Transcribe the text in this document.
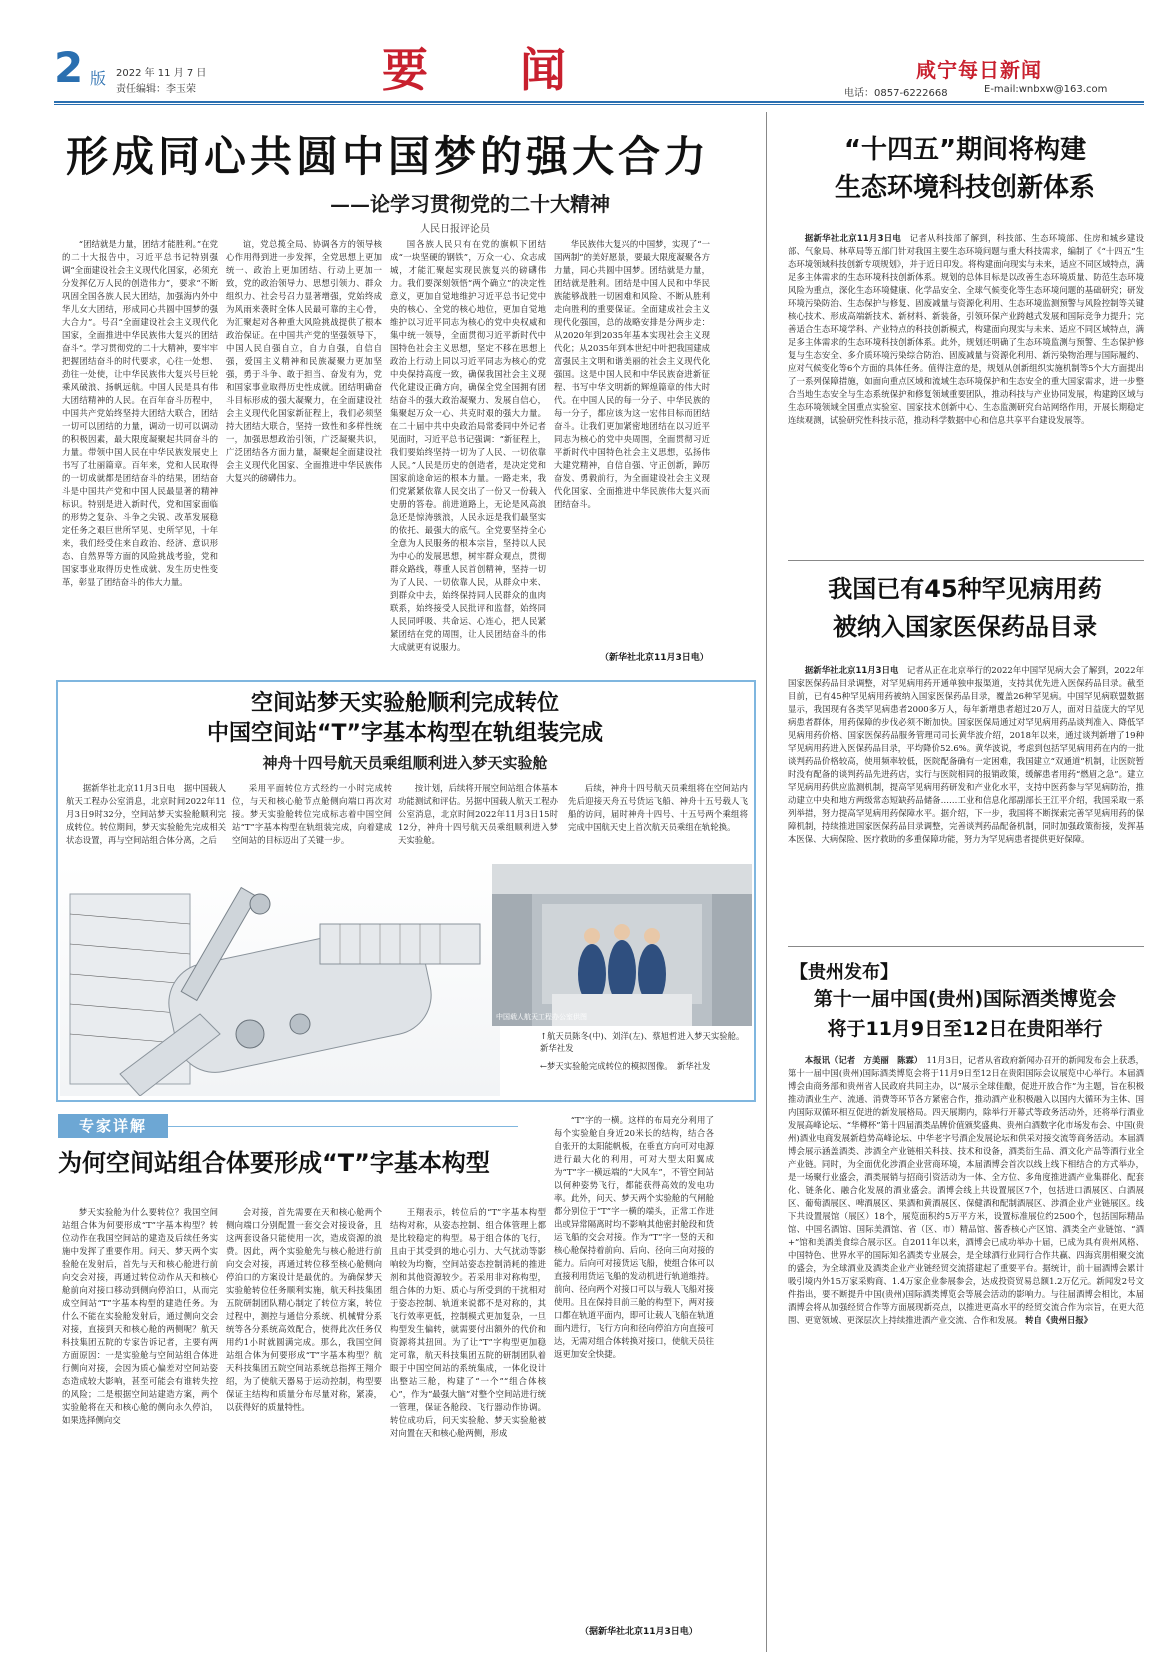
2 版 2022 年 11 月 7 日
责任编辑：李玉荣	要　　闻	咸宁每日新闻
电话：0857-6222668	E-mail:wnbxw@163.com
形成同心共圆中国梦的强大合力
——论学习贯彻党的二十大精神
人民日报评论员

“团结就是力量，团结才能胜利。”在党的二十大报告中，习近平总书记特别强调“全面建设社会主义现代化国家，必须充分发挥亿万人民的创造伟力”，要求“不断巩固全国各族人民大团结，加强海内外中华儿女大团结，形成同心共圆中国梦的强大合力”。号召“全面建设社会主义现代化国家，全面推进中华民族伟大复兴的团结奋斗”。学习贯彻党的二十大精神，要牢牢把握团结奋斗的时代要求，心往一处想、劲往一处使，让中华民族伟大复兴号巨轮乘风破浪、扬帆远航。中国人民是具有伟大团结精神的人民。在百年奋斗历程中，中国共产党始终坚持大团结大联合，团结一切可以团结的力量，调动一切可以调动的积极因素，最大限度凝聚起共同奋斗的力量。带领中国人民在中华民族发展史上书写了壮丽篇章。百年来，党和人民取得的一切成就都是团结奋斗的结果，团结奋斗是中国共产党和中国人民最显著的精神标识。特别是进入新时代，党和国家面临的形势之复杂、斗争之尖锐、改革发展稳定任务之艰巨世所罕见、史所罕见，十年来，我们经受住来自政治、经济、意识形态、自然界等方面的风险挑战考验，党和国家事业取得历史性成就、发生历史性变革，彰显了团结奋斗的伟大力量。

谊，党总揽全局、协调各方的领导核心作用得到进一步发挥，全党思想上更加统一、政治上更加团结、行动上更加一致，党的政治领导力、思想引领力、群众组织力、社会号召力显著增强，党始终成为风雨来袭时全体人民最可靠的主心骨，为汇聚起对各种重大风险挑战提供了根本政治保证。在中国共产党的坚强领导下，中国人民自强自立，自力自强，自信自强，爱国主义精神和民族凝聚力更加坚强，勇于斗争、敢于担当、奋发有为，党和国家事业取得历史性成就。团结明确奋斗目标形成的强大凝聚力，在全面建设社会主义现代化国家新征程上，我们必须坚持大团结大联合，坚持一致性和多样性统一，加强思想政治引领，广泛凝聚共识，广泛团结各方面力量，凝聚起全面建设社会主义现代化国家、全面推进中华民族伟大复兴的磅礴伟力。

国各族人民只有在党的旗帜下团结成“一块坚硬的钢铁”，万众一心、众志成城，才能汇聚起实现民族复兴的磅礴伟力。我们要深刻领悟“两个确立”的决定性意义，更加自觉地维护习近平总书记党中央的核心、全党的核心地位，更加自觉地维护以习近平同志为核心的党中央权威和集中统一领导，全面贯彻习近平新时代中国特色社会主义思想，坚定不移在思想上政治上行动上同以习近平同志为核心的党中央保持高度一致，确保我国社会主义现代化建设正确方向，确保全党全国拥有团结奋斗的强大政治凝聚力、发展自信心，集聚起万众一心、共克时艰的强大力量。在二十届中共中央政治局常委同中外记者见面时，习近平总书记强调：“新征程上，我们要始终坚持一切为了人民、一切依靠人民。”人民是历史的创造者，是决定党和国家前途命运的根本力量。一路走来，我们党紧紧依靠人民交出了一份又一份载入史册的答卷。前进道路上，无论是风高浪急还是惊涛骇浪，人民永远是我们最坚实的依托、最强大的底气。全党要坚持全心全意为人民服务的根本宗旨，坚持以人民为中心的发展思想，树牢群众观点，贯彻群众路线，尊重人民首创精神，坚持一切为了人民、一切依靠人民，从群众中来、到群众中去，始终保持同人民群众的血肉联系，始终接受人民批评和监督，始终同人民同呼吸、共命运、心连心，把人民紧紧团结在党的周围，让人民团结奋斗的伟大成就更有说服力。

华民族伟大复兴的中国梦，实现了“一国两制”的美好愿景，要最大限度凝聚各方力量，同心共圆中国梦。团结就是力量，团结就是胜利。团结是中国人民和中华民族能够战胜一切困难和风险、不断从胜利走向胜利的重要保证。全面建成社会主义现代化强国，总的战略安排是分两步走：从2020年到2035年基本实现社会主义现代化；从2035年到本世纪中叶把我国建成富强民主文明和谐美丽的社会主义现代化强国。这是中国人民和中华民族奋进新征程、书写中华文明新的辉煌篇章的伟大时代。在中国人民的每一分子、中华民族的每一分子，都应该为这一宏伟目标而团结奋斗。让我们更加紧密地团结在以习近平同志为核心的党中央周围，全面贯彻习近平新时代中国特色社会主义思想，弘扬伟大建党精神，自信自强、守正创新，踔厉奋发、勇毅前行，为全面建设社会主义现代化国家、全面推进中华民族伟大复兴而团结奋斗。

（新华社北京11月3日电）
“十四五”期间将构建
生态环境科技创新体系

据新华社北京11月3日电　 记者从科技部了解到，科技部、生态环境部、住房和城乡建设部、气象局、林草局等五部门针对我国主要生态环境问题与重大科技需求，编制了《“十四五”生态环境领域科技创新专项规划》，并于近日印发。将构建面向现实与未来，适应不同区域特点，满足多主体需求的生态环境科技创新体系。规划的总体目标是以改善生态环境质量、防范生态环境风险为重点，深化生态环境健康、化学品安全、全球气候变化等生态环境问题的基础研究；研发环境污染防治、生态保护与修复、固废减量与资源化利用、生态环境监测预警与风险控制等关键核心技术、形成高端新技术、新材料、新装备，引领环保产业跨越式发展和国际竞争力提升；完善适合生态环境学科、产业特点的科技创新模式，构建面向现实与未来、适应不同区域特点，满足多主体需求的生态环境科技创新体系。此外，规划还明确了生态环境监测与预警、生态保护修复与生态安全、多介质环境污染综合防治、固废减量与资源化利用、新污染物治理与国际履约、应对气候变化等6个方面的具体任务。值得注意的是，规划从创新组织实施机制等5个大方面提出了一系列保障措施，如面向重点区域和流域生态环境保护和生态安全的重大国家需求，进一步整合当地生态安全与生态系统保护和修复领域重要团队，推动科技与产业协同发展，构建跨区域与生态环境领域全国重点实验室、国家技术创新中心、生态监测研究台站网络作用，开展长期稳定连续观测，试验研究性科技示范，推动科学数据中心和信息共享平台建设发展等。

我国已有45种罕见病用药
被纳入国家医保药品目录

据新华社北京11月3日电　 记者从正在北京举行的2022年中国罕见病大会了解到，2022年国家医保药品目录调整，对罕见病用药开通单独申报渠道，支持其优先进入医保药品目录。截至目前，已有45种罕见病用药被纳入国家医保药品目录，覆盖26种罕见病。中国罕见病联盟数据显示，我国现有各类罕见病患者2000多万人，每年新增患者超过20万人，面对日益庞大的罕见病患者群体，用药保障的步伐必须不断加快。国家医保局通过对罕见病用药品谈判准入、降低罕见病用药价格、国家医保药品服务管理司司长黄华波介绍，2018年以来，通过谈判新增了19种罕见病用药进入医保药品目录，平均降价52.6%。黄华波说，考虑到包括罕见病用药在内的一批谈判药品价格较高，使用频率较低，医院配备确有一定困难，我国建立“双通道”机制，让医院暂时没有配备的谈判药品先进药店，实行与医院相同的报销政策，缓解患者用药“燃眉之急”。建立罕见病用药供应监测机制，提高罕见病用药研发和产业化水平，支持中医药参与罕见病防治，推动建立中央和地方两级常态短缺药品储备……工业和信息化部副部长王江平介绍，我国采取一系列举措，努力提高罕见病用药保障水平。据介绍，下一步，我国将不断探索完善罕见病用药的保障机制，持续推进国家医保药品目录调整，完善谈判药品配备机制，同时加强政策衔接，发挥基本医保、大病保险、医疗救助的多重保障功能，努力为罕见病患者提供更好保障。

【贵州发布】
第十一届中国(贵州)国际酒类博览会
将于11月9日至12日在贵阳举行

本报讯（记者　方美丽　陈霖）　 11月3日，记者从省政府新闻办召开的新闻发布会上获悉，第十一届中国(贵州)国际酒类博览会将于11月9日至12日在贵阳国际会议展览中心举行。本届酒博会由商务部和贵州省人民政府共同主办，以“展示全球佳酿，促进开放合作”为主题，旨在积极推动酒业生产、流通、消费等环节各方紧密合作，推动酒产业积极融入以国内大循环为主体、国内国际双循环相互促进的新发展格局。四天展期内，除举行开幕式等政务活动外，还将举行酒业发展高峰论坛、“华樽杯”第十四届酒类品牌价值颁奖盛典、贵州白酒数字化市场发布会、中国(贵州)酒业电商发展新趋势高峰论坛、中华老字号酒企发展论坛和供采对接交流等商务活动。本届酒博会展示涵盖酒类、涉酒全产业链相关科技、技术和设备，酒类衍生品、酒文化产品等酒行业全产业链。同时，为全面优化涉酒企业营商环境，本届酒博会首次以线上线下相结合的方式举办，是一场聚行业盛会，酒类展销与招商引资活动为一体、全方位、多角度推进酒产业集群化、配套化、链条化、融合化发展的酒业盛会。酒博会线上共设置展区7个，包括进口酒展区、白酒展区、葡萄酒展区、啤酒展区、果酒和黄酒展区、保健酒和配制酒展区、涉酒企业产业链展区。线下共设置展馆（展区）18个，展览面积约5万平方米，设置标准展位约2500个，包括国际精品馆、中国名酒馆、国际美酒馆、省（区、市）精品馆、酱香核心产区馆、酒类全产业链馆、“酒+”馆和美酒美食综合展示区。自2011年以来，酒博会已成功举办十届，已成为具有贵州风格、中国特色、世界水平的国际知名酒类专业展会，是全球酒行业同行合作共赢、四海宾朋相聚交流的盛会，为全球酒业及酒类企业产业链经贸交流搭建起了重要平台。据统计，前十届酒博会累计吸引境内外15万家采购商、1.4万家企业参展参会，达成投资贸易总额1.2万亿元。新闻发2号文件指出，要不断提升中国(贵州)国际酒类博览会等展会活动的影响力。与往届酒博会相比，本届酒博会将从加强经贸合作等方面展现新亮点，以推进更高水平的经贸交流合作为宗旨，在更大范围、更宽领域、更深层次上持续推进酒产业交流、合作和发展。 转自《贵州日报》

空间站梦天实验舱顺利完成转位
中国空间站“T”字基本构型在轨组装完成
神舟十四号航天员乘组顺利进入梦天实验舱

据新华社北京11月3日电　据中国载人航天工程办公室消息，北京时间2022年11月3日9时32分，空间站梦天实验舱顺利完成转位。转位期间，梦天实验舱先完成相关状态设置，再与空间站组合体分离，之后

采用平面转位方式经约一小时完成转位，与天和核心舱节点舱侧向端口再次对接。梦天实验舱转位完成标志着中国空间站“T”字基本构型在轨组装完成，向着建成空间站的目标迈出了关键一步。

按计划，后续将开展空间站组合体基本功能测试和评估。另据中国载人航天工程办公室消息，北京时间2022年11月3日15时12分，神舟十四号航天员乘组顺利进入梦天实验舱。

后续，神舟十四号航天员乘组将在空间站内先后迎接天舟五号货运飞船、神舟十五号载人飞船的访问，届时神舟十四号、十五号两个乘组将完成中国航天史上首次航天员乘组在轨轮换。

中国载人航天工程办公室供图
↑航天员陈冬(中)、刘洋(左)、蔡旭哲进入梦天实验舱。　新华社发
←梦天实验舱完成转位的模拟图像。　新华社发
专家详解
为何空间站组合体要形成“T”字基本构型

梦天实验舱为什么要转位？我国空间站组合体为何要形成“T”字基本构型？转位动作在我国空间站的建造及后续任务实施中发挥了重要作用。问天、梦天两个实验舱在发射后，首先与天和核心舱进行前向交会对接，再通过转位动作从天和核心舱前向对接口移动到侧向停泊口，从而完成空间站“T”字基本构型的建造任务。为什么不能在实验舱发射后，通过侧向交会对接，直接到天和核心舱的两侧呢？航天科技集团五院的专家告诉记者，主要有两方面原因：一是实验舱与空间站组合体进行侧向对接，会因为质心偏差对空间站姿态造成较大影响，甚至可能会有谁转失控的风险；二是根据空间站建造方案，两个实验舱将在天和核心舱的侧向永久停泊，如果选择侧向交

会对接，首先需要在天和核心舱两个侧向端口分别配置一套交会对接设备，且这两套设备只能使用一次，造成资源的浪费。因此，两个实验舱先与核心舱进行前向交会对接，再通过转位移至核心舱侧向停泊口的方案设计是最优的。为确保梦天实验舱转位任务顺利实施，航天科技集团五院研制团队精心制定了转位方案，转位过程中，测控与通信分系统、机械臂分系统等各分系统高效配合，使得此次任务仅用约1小时就圆满完成。那么，我国空间站组合体为何要形成“T”字基本构型？航天科技集团五院空间站系统总指挥王翔介绍，为了使航天器易于运动控制，构型要保证主结构和质量分布尽量对称，紧凑，以获得好的质量特性。

王翔表示，转位后的“T”字基本构型结构对称，从姿态控制、组合体管理上都是比较稳定的构型。易于组合体的飞行，且由于其受到的地心引力、大气扰动等影响较为均衡，空间站姿态控制消耗的推进剂和其他资源较少。若采用非对称构型，组合体的力矩、质心与所受到的干扰相对于姿态控制、轨道来说都不是对称的，其飞行效率更低，控制模式更加复杂，一旦构型发生偏转，就需要付出额外的代价和资源将其扭回。为了让“T”字构型更加稳定可靠，航天科技集团五院的研制团队着眼于中国空间站的系统集成，一体化设计出整站三舱，构建了“一个”“组合体核心”，作为“最强大脑”对整个空间站进行统一管理，保证各舱段、飞行器动作协调。转位成功后，问天实验舱、梦天实验舱被对向置在天和核心舱两侧，形成

“T”字的一横。这样的布局充分利用了每个实验舱自身近20米长的结构，结合各自张开的太阳能帆板，在垂直方向可对电源进行最大化的利用，可对大型太阳翼成为“T”字一横远端的“大风车”，不管空间站以何种姿势飞行，都能获得高效的发电功率。此外，问天、梦天两个实验舱的气闸舱都分别位于“T”字一横的端头，正常工作进出或异常隔离时均不影响其他密封舱段和货运飞船的交会对接。作为“T”字一竖的天和核心舱保持着前向、后向、径向三向对接的能力。后向可对接货运飞船，使组合体可以直接利用货运飞船的发动机进行轨道维持。前向、径向两个对接口可以与载人飞船对接使用。且在保持目前三舱的构型下，两对接口都在轨道平面内，即可让载人飞船在轨道面内进行，飞行方向和径向停泊方向直接可达，无需对组合体转换对接口，使航天员往返更加安全快捷。

（据新华社北京11月3日电）
